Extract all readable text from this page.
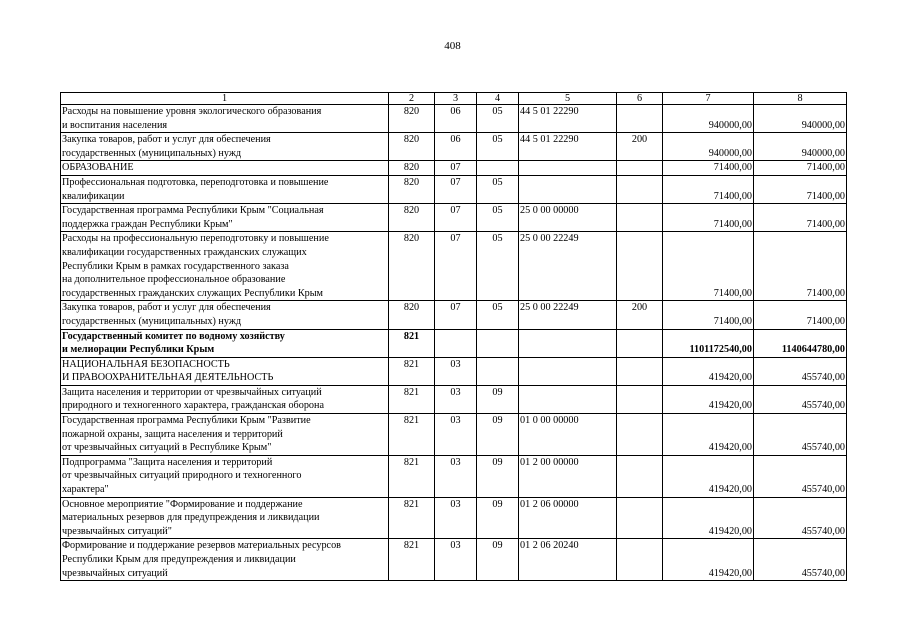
408
1	2	3	4	5	6	7	8

Расходы на повышение уровня экологического образования
и воспитания населения	820	06	05	44 5 01 22290		940000,00	940000,00

Закупка товаров, работ и услуг для обеспечения
государственных (муниципальных) нужд	820	06	05	44 5 01 22290	200	940000,00	940000,00

ОБРАЗОВАНИЕ	820	07				71400,00	71400,00

Профессиональная подготовка, переподготовка и повышение
квалификации	820	07	05			71400,00	71400,00

Государственная программа Республики Крым "Социальная
поддержка граждан Республики Крым"	820	07	05	25 0 00 00000		71400,00	71400,00

Расходы на профессиональную переподготовку и повышение
квалификации государственных гражданских служащих
Республики Крым в рамках государственного заказа
на дополнительное профессиональное образование
государственных гражданских служащих Республики Крым	820	07	05	25 0 00 22249		71400,00	71400,00

Закупка товаров, работ и услуг для обеспечения
государственных (муниципальных) нужд	820	07	05	25 0 00 22249	200	71400,00	71400,00

Государственный комитет по водному хозяйству
и мелиорации Республики Крым	821					1101172540,00	1140644780,00

НАЦИОНАЛЬНАЯ БЕЗОПАСНОСТЬ
И ПРАВООХРАНИТЕЛЬНАЯ ДЕЯТЕЛЬНОСТЬ	821	03				419420,00	455740,00

Защита населения и территории от чрезвычайных ситуаций
природного и техногенного характера, гражданская оборона	821	03	09			419420,00	455740,00

Государственная программа Республики Крым "Развитие
пожарной охраны, защита населения и территорий
от чрезвычайных ситуаций в Республике Крым"	821	03	09	01 0 00 00000		419420,00	455740,00

Подпрограмма "Защита населения и территорий
от чрезвычайных ситуаций природного и техногенного
характера"	821	03	09	01 2 00 00000		419420,00	455740,00

Основное мероприятие "Формирование и поддержание
материальных резервов для предупреждения и ликвидации
чрезвычайных ситуаций"	821	03	09	01 2 06 00000		419420,00	455740,00

Формирование и поддержание резервов материальных ресурсов
Республики Крым для предупреждения и ликвидации
чрезвычайных ситуаций	821	03	09	01 2 06 20240		419420,00	455740,00
